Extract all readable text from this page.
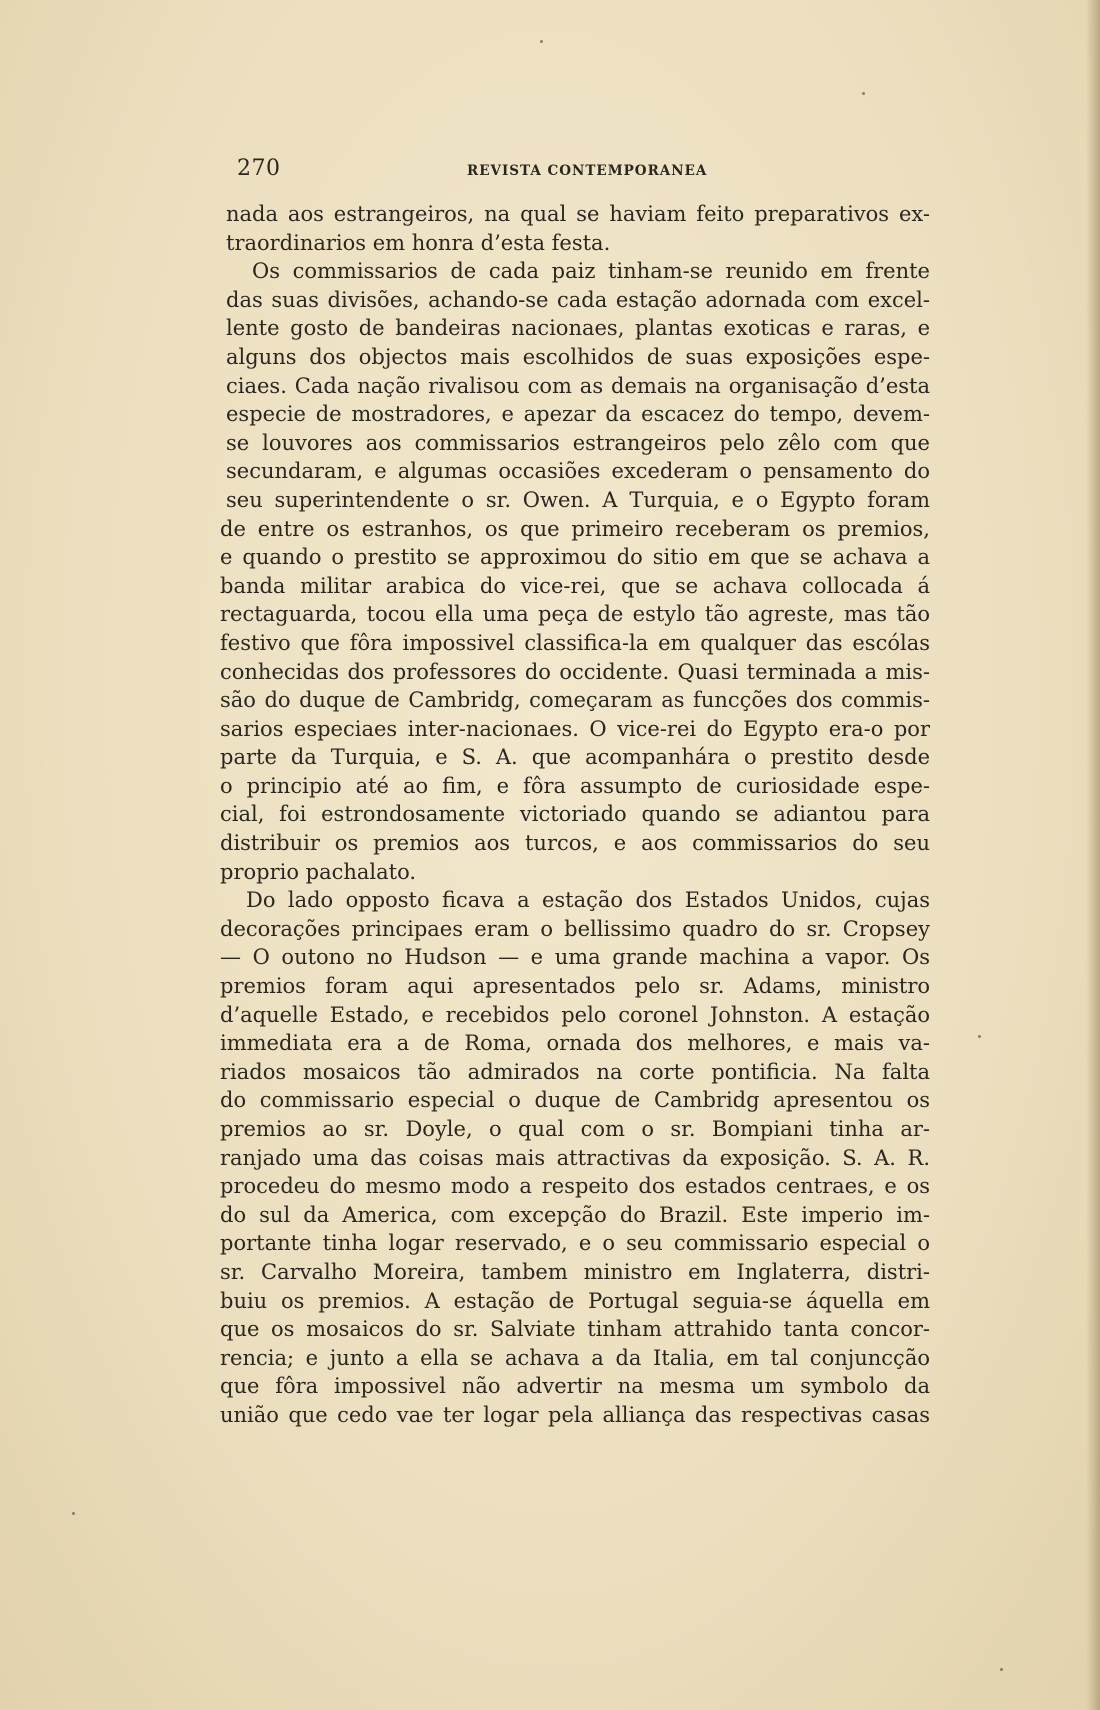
270	REVISTA CONTEMPORANEA
nada aos estrangeiros, na qual se haviam feito preparativos ex-
traordinarios em honra d’esta festa.
Os commissarios de cada paiz tinham-se reunido em frente
das suas divisões, achando-se cada estação adornada com excel-
lente gosto de bandeiras nacionaes, plantas exoticas e raras, e
alguns dos objectos mais escolhidos de suas exposições espe-
ciaes. Cada nação rivalisou com as demais na organisação d’esta
especie de mostradores, e apezar da escacez do tempo, devem-
se louvores aos commissarios estrangeiros pelo zêlo com que
secundaram, e algumas occasiões excederam o pensamento do
seu superintendente o sr. Owen. A Turquia, e o Egypto foram
de entre os estranhos, os que primeiro receberam os premios,
e quando o prestito se approximou do sitio em que se achava a
banda militar arabica do vice-rei, que se achava collocada á
rectaguarda, tocou ella uma peça de estylo tão agreste, mas tão
festivo que fôra impossivel classifica-la em qualquer das escólas
conhecidas dos professores do occidente. Quasi terminada a mis-
são do duque de Cambridg, começaram as funcções dos commis-
sarios especiaes inter-nacionaes. O vice-rei do Egypto era-o por
parte da Turquia, e S. A. que acompanhára o prestito desde
o principio até ao fim, e fôra assumpto de curiosidade espe-
cial, foi estrondosamente victoriado quando se adiantou para
distribuir os premios aos turcos, e aos commissarios do seu
proprio pachalato.
Do lado opposto ficava a estação dos Estados Unidos, cujas
decorações principaes eram o bellissimo quadro do sr. Cropsey
— O outono no Hudson — e uma grande machina a vapor. Os
premios foram aqui apresentados pelo sr. Adams, ministro
d’aquelle Estado, e recebidos pelo coronel Johnston. A estação
immediata era a de Roma, ornada dos melhores, e mais va-
riados mosaicos tão admirados na corte pontificia. Na falta
do commissario especial o duque de Cambridg apresentou os
premios ao sr. Doyle, o qual com o sr. Bompiani tinha ar-
ranjado uma das coisas mais attractivas da exposição. S. A. R.
procedeu do mesmo modo a respeito dos estados centraes, e os
do sul da America, com excepção do Brazil. Este imperio im-
portante tinha logar reservado, e o seu commissario especial o
sr. Carvalho Moreira, tambem ministro em Inglaterra, distri-
buiu os premios. A estação de Portugal seguia-se áquella em
que os mosaicos do sr. Salviate tinham attrahido tanta concor-
rencia; e junto a ella se achava a da Italia, em tal conjuncção
que fôra impossivel não advertir na mesma um symbolo da
união que cedo vae ter logar pela alliança das respectivas casas
